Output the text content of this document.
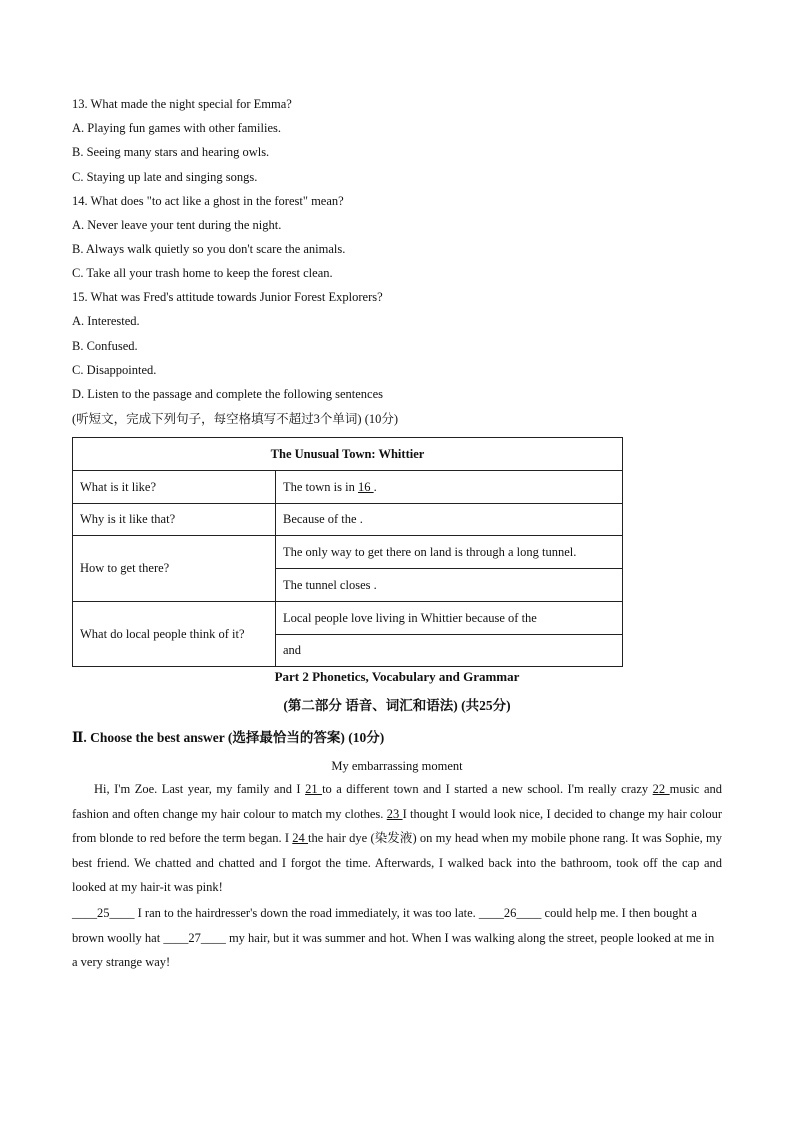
13. What made the night special for Emma?
A. Playing fun games with other families.
B. Seeing many stars and hearing owls.
C. Staying up late and singing songs.
14. What does "to act like a ghost in the forest" mean?
A. Never leave your tent during the night.
B. Always walk quietly so you don't scare the animals.
C. Take all your trash home to keep the forest clean.
15. What was Fred's attitude towards Junior Forest Explorers?
A. Interested.
B. Confused.
C. Disappointed.
D. Listen to the passage and complete the following sentences
(听短文，完成下列句子，每空格填写不超过3个单词) (10分)
The Unusual Town: Whittier	
What is it like?	The town is in 16 .
Why is it like that?	Because of the .
How to get there?	The only way to get there on land is through a long tunnel.
	The tunnel closes .
What do local people think of it?	Local people love living in Whittier because of the
	and
Part 2 Phonetics, Vocabulary and Grammar
(第二部分 语音、词汇和语法) (共25分)
Ⅱ. Choose the best answer (选择最恰当的答案) (10分)
My embarrassing moment
Hi, I'm Zoe. Last year, my family and I 21 to a different town and I started a new school. I'm really crazy 22 music and fashion and often change my hair colour to match my clothes. 23 I thought I would look nice, I decided to change my hair colour from blonde to red before the term began. I 24 the hair dye (染发液) on my head when my mobile phone rang. It was Sophie, my best friend. We chatted and chatted and I forgot the time. Afterwards, I walked back into the bathroom, took off the cap and looked at my hair-it was pink!
____25____ I ran to the hairdresser's down the road immediately, it was too late. ____26____ could help me. I then bought a brown woolly hat ____27____ my hair, but it was summer and hot. When I was walking along the street, people looked at me in a very strange way!
